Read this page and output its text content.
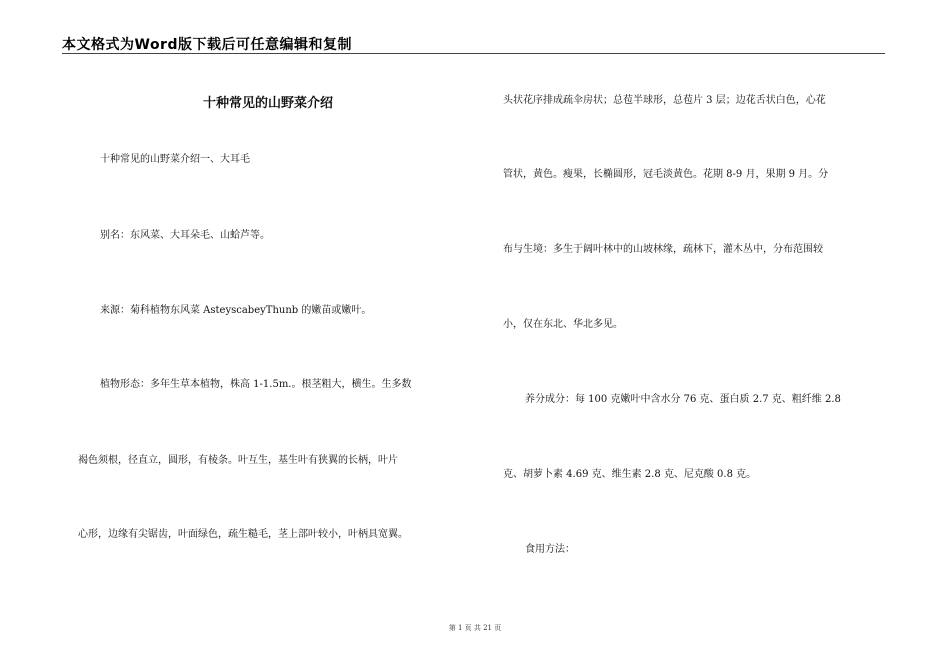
本文格式为Word版下载后可任意编辑和复制
十种常见的山野菜介绍
十种常见的山野菜介绍一、大耳毛
别名：东风菜、大耳朵毛、山蛤芦等。
来源：菊科植物东风菜 AsteyscabeyThunb 的嫩苗或嫩叶。
植物形态：多年生草本植物，株高 1-1.5m.。根茎粗大，横生。生多数
褐色须根，径直立，圆形，有棱条。叶互生，基生叶有狭翼的长柄，叶片
心形，边缘有尖锯齿，叶面绿色，疏生糙毛，茎上部叶较小，叶柄具宽翼。
头状花序排成疏伞房状；总苞半球形，总苞片 3 层；边花舌状白色，心花
管状，黄色。瘦果，长椭圆形，冠毛淡黄色。花期 8-9 月，果期 9 月。分
布与生境：多生于阔叶林中的山坡林缘，疏林下，灌木丛中，分布范围较
小，仅在东北、华北多见。
养分成分：每 100 克嫩叶中含水分 76 克、蛋白质 2.7 克、粗纤维 2.8
克、胡萝卜素 4.69 克、维生素 2.8 克、尼克酸 0.8 克。
食用方法：
第 1 页 共 21 页
